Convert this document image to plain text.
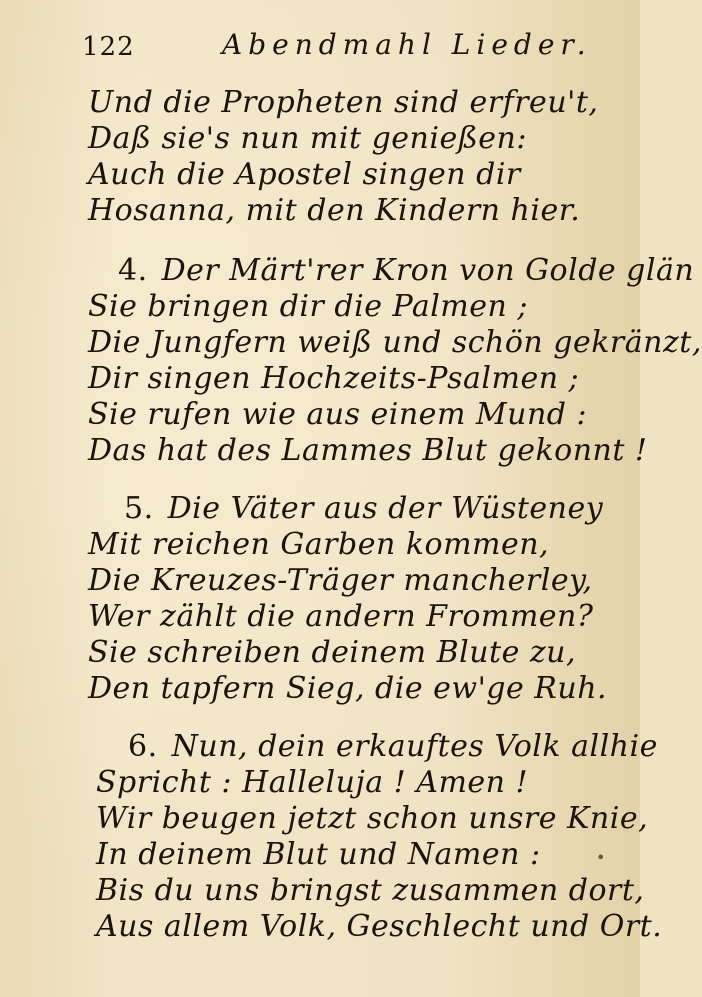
122	Abendmahl Lieder.
Und die Propheten sind erfreu't,
Daß sie's nun mit genießen:
Auch die Apostel singen dir
Hosanna, mit den Kindern hier.
4. Der Märt'rer Kron von Golde glän
Sie bringen dir die Palmen ;
Die Jungfern weiß und schön gekränzt,
Dir singen Hochzeits-Psalmen ;
Sie rufen wie aus einem Mund :
Das hat des Lammes Blut gekonnt !
5. Die Väter aus der Wüsteney
Mit reichen Garben kommen,
Die Kreuzes-Träger mancherley,
Wer zählt die andern Frommen?
Sie schreiben deinem Blute zu,
Den tapfern Sieg, die ew'ge Ruh.
6. Nun, dein erkauftes Volk allhie
Spricht : Halleluja ! Amen !
Wir beugen jetzt schon unsre Knie,
In deinem Blut und Namen :
Bis du uns bringst zusammen dort,
Aus allem Volk, Geschlecht und Ort.
•
